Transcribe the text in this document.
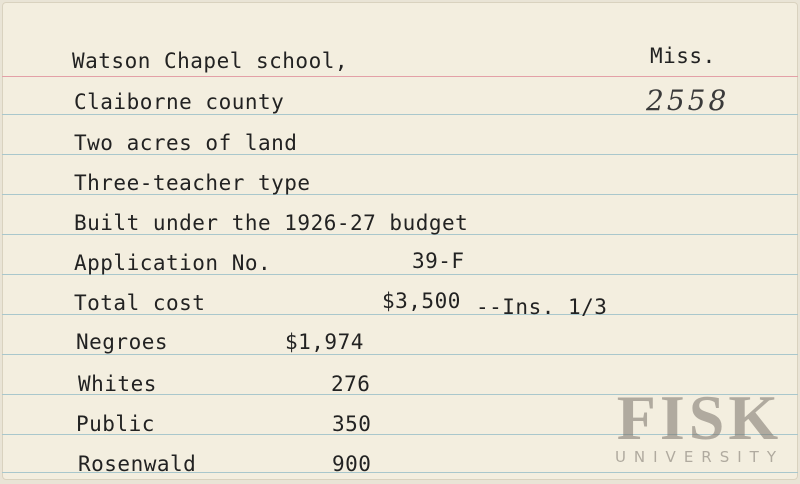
Watson Chapel school,	Miss.
Claiborne county	2558
Two acres of land
Three-teacher type
Built under the 1926-27 budget
Application No.	39-F
Total cost	$3,500 --Ins. 1/3
Negroes	$1,974
Whites	276
Public	350
Rosenwald	900
FISK
UNIVERSITY
